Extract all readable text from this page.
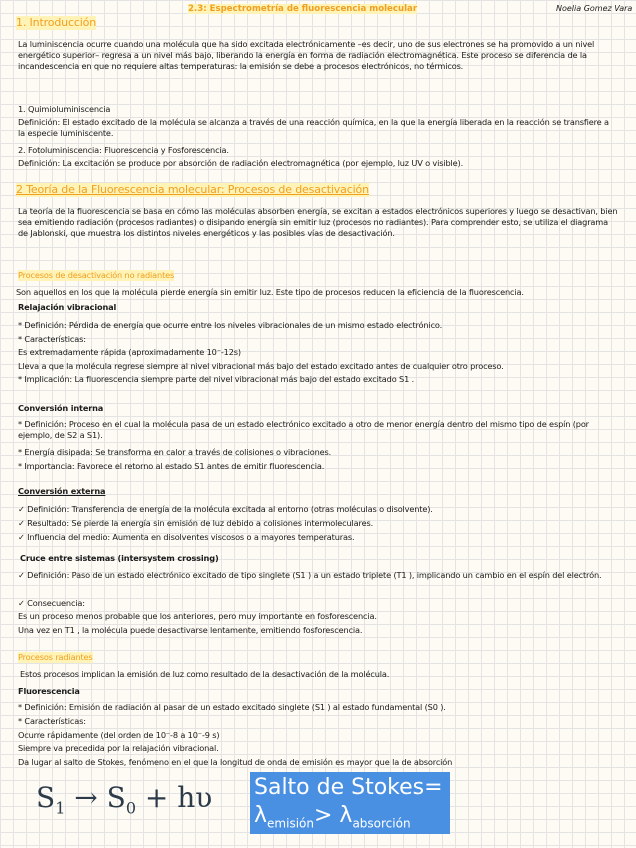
2.3: Espectrometría de fluorescencia molecular	Noelia Gomez Vara
1. Introducción
La luminiscencia ocurre cuando una molécula que ha sido excitada electrónicamente –es decir, uno de sus electrones se ha promovido a un nivel energético superior– regresa a un nivel más bajo, liberando la energía en forma de radiación electromagnética. Este proceso se diferencia de la incandescencia en que no requiere altas temperaturas: la emisión se debe a procesos electrónicos, no térmicos.
1. Quimioluminiscencia
Definición: El estado excitado de la molécula se alcanza a través de una reacción química, en la que la energía liberada en la reacción se transfiere a la especie luminiscente.
2. Fotoluminiscencia: Fluorescencia y Fosforescencia.
Definición: La excitación se produce por absorción de radiación electromagnética (por ejemplo, luz UV o visible).
2 Teoría de la Fluorescencia molecular: Procesos de desactivación
La teoría de la fluorescencia se basa en cómo las moléculas absorben energía, se excitan a estados electrónicos superiores y luego se desactivan, bien sea emitiendo radiación (procesos radiantes) o disipando energía sin emitir luz (procesos no radiantes). Para comprender esto, se utiliza el diagrama de Jablonski, que muestra los distintos niveles energéticos y las posibles vías de desactivación.
Procesos de desactivación no radiantes
Son aquellos en los que la molécula pierde energía sin emitir luz. Este tipo de procesos reducen la eficiencia de la fluorescencia.
Relajación vibracional
* Definición: Pérdida de energía que ocurre entre los niveles vibracionales de un mismo estado electrónico.
* Características:
Es extremadamente rápida (aproximadamente 10⁻-12s)
Lleva a que la molécula regrese siempre al nivel vibracional más bajo del estado excitado antes de cualquier otro proceso.
* Implicación: La fluorescencia siempre parte del nivel vibracional más bajo del estado excitado S1 .
Conversión interna
* Definición: Proceso en el cual la molécula pasa de un estado electrónico excitado a otro de menor energía dentro del mismo tipo de espín (por ejemplo, de S2 a S1).
* Energía disipada: Se transforma en calor a través de colisiones o vibraciones.
* Importancia: Favorece el retorno al estado S1 antes de emitir fluorescencia.
Conversión externa
✓ Definición: Transferencia de energía de la molécula excitada al entorno (otras moléculas o disolvente).
✓ Resultado: Se pierde la energía sin emisión de luz debido a colisiones intermoleculares.
✓ Influencia del medio: Aumenta en disolventes viscosos o a mayores temperaturas.
Cruce entre sistemas (intersystem crossing)
✓ Definición: Paso de un estado electrónico excitado de tipo singlete (S1 ) a un estado triplete (T1 ), implicando un cambio en el espín del electrón.
✓ Consecuencia:
Es un proceso menos probable que los anteriores, pero muy importante en fosforescencia.
Una vez en T1 , la molécula puede desactivarse lentamente, emitiendo fosforescencia.
Procesos radiantes
Estos procesos implican la emisión de luz como resultado de la desactivación de la molécula.
Fluorescencia
* Definición: Emisión de radiación al pasar de un estado excitado singlete (S1 ) al estado fundamental (S0 ).
* Características:
Ocurre rápidamente (del orden de 10⁻-8 a 10⁻-9 s)
Siempre va precedida por la relajación vibracional.
Da lugar al salto de Stokes, fenómeno en el que la longitud de onda de emisión es mayor que la de absorción
$S_1 \to S_0 + h\upsilon$ Salto de Stokes=
$\lambda_{emisión}> \lambda_{absorción}$
